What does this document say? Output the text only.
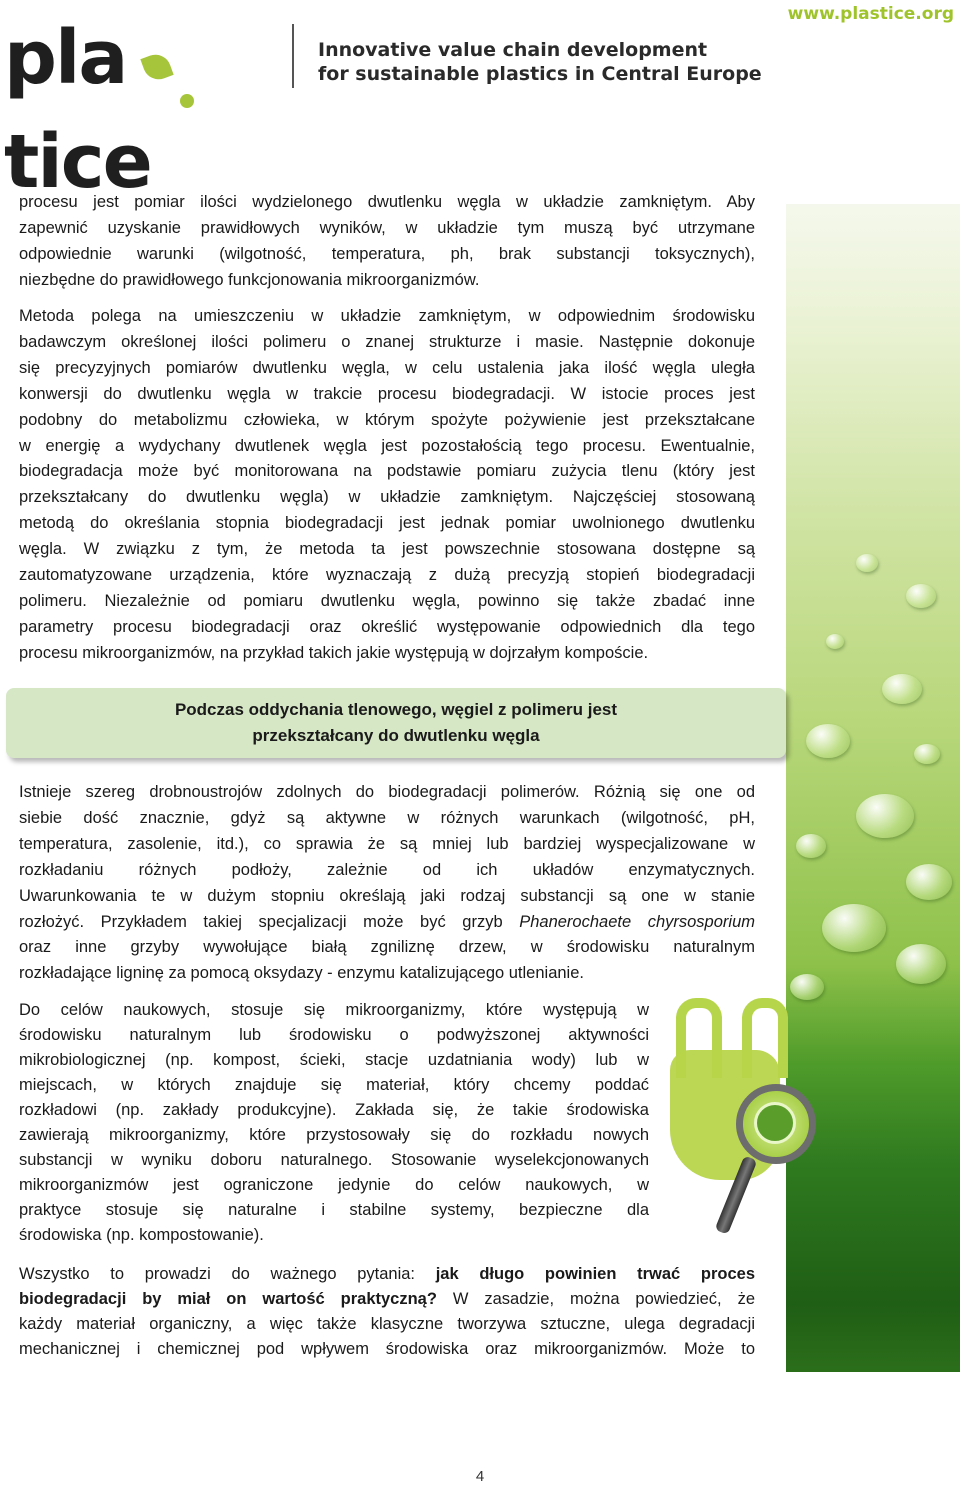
pla tice
Innovative value chain development
for sustainable plastics in Central Europe
www.plastice.org
procesu jest pomiar ilości wydzielonego dwutlenku węgla w układzie zamkniętym. Aby
zapewnić uzyskanie prawidłowych wyników, w układzie tym muszą być utrzymane
odpowiednie warunki (wilgotność, temperatura, ph, brak substancji toksycznych),
niezbędne do prawidłowego funkcjonowania mikroorganizmów.
Metoda polega na umieszczeniu w układzie zamkniętym, w odpowiednim środowisku
badawczym określonej ilości polimeru o znanej strukturze i masie. Następnie dokonuje
się precyzyjnych pomiarów dwutlenku węgla, w celu ustalenia jaka ilość węgla uległa
konwersji do dwutlenku węgla w trakcie procesu biodegradacji. W istocie proces jest
podobny do metabolizmu człowieka, w którym spożyte pożywienie jest przekształcane
w energię a wydychany dwutlenek węgla jest pozostałością tego procesu. Ewentualnie,
biodegradacja może być monitorowana na podstawie pomiaru zużycia tlenu (który jest
przekształcany do dwutlenku węgla) w układzie zamkniętym. Najczęściej stosowaną
metodą do określania stopnia biodegradacji jest jednak pomiar uwolnionego dwutlenku
węgla. W związku z tym, że metoda ta jest powszechnie stosowana dostępne są
zautomatyzowane urządzenia, które wyznaczają z dużą precyzją stopień biodegradacji
polimeru. Niezależnie od pomiaru dwutlenku węgla, powinno się także zbadać inne
parametry procesu biodegradacji oraz określić występowanie odpowiednich dla tego
procesu mikroorganizmów, na przykład takich jakie występują w dojrzałym kompoście.
Podczas oddychania tlenowego, węgiel z polimeru jest
przekształcany do dwutlenku węgla
Istnieje szereg drobnoustrojów zdolnych do biodegradacji polimerów. Różnią się one od
siebie dość znacznie, gdyż są aktywne w różnych warunkach (wilgotność, pH,
temperatura, zasolenie, itd.), co sprawia że są mniej lub bardziej wyspecjalizowane w
rozkładaniu różnych podłoży, zależnie od ich układów enzymatycznych.
Uwarunkowania te w dużym stopniu określają jaki rodzaj substancji są one w stanie
rozłożyć. Przykładem takiej specjalizacji może być grzyb Phanerochaete chyrsosporium
oraz inne grzyby wywołujące białą zgniliznę drzew, w środowisku naturalnym
rozkładające ligninę za pomocą oksydazy - enzymu katalizującego utlenianie.
Do celów naukowych, stosuje się mikroorganizmy, które występują w
środowisku naturalnym lub środowisku o podwyższonej aktywności
mikrobiologicznej (np. kompost, ścieki, stacje uzdatniania wody) lub w
miejscach, w których znajduje się materiał, który chcemy poddać
rozkładowi (np. zakłady produkcyjne). Zakłada się, że takie środowiska
zawierają mikroorganizmy, które przystosowały się do rozkładu nowych
substancji w wyniku doboru naturalnego. Stosowanie wyselekcjonowanych
mikroorganizmów jest ograniczone jedynie do celów naukowych, w
praktyce stosuje się naturalne i stabilne systemy, bezpieczne dla
środowiska (np. kompostowanie).
Wszystko to prowadzi do ważnego pytania: jak długo powinien trwać proces
biodegradacji by miał on wartość praktyczną? W zasadzie, można powiedzieć, że
każdy materiał organiczny, a więc także klasyczne tworzywa sztuczne, ulega degradacji
mechanicznej i chemicznej pod wpływem środowiska oraz mikroorganizmów. Może to
4
